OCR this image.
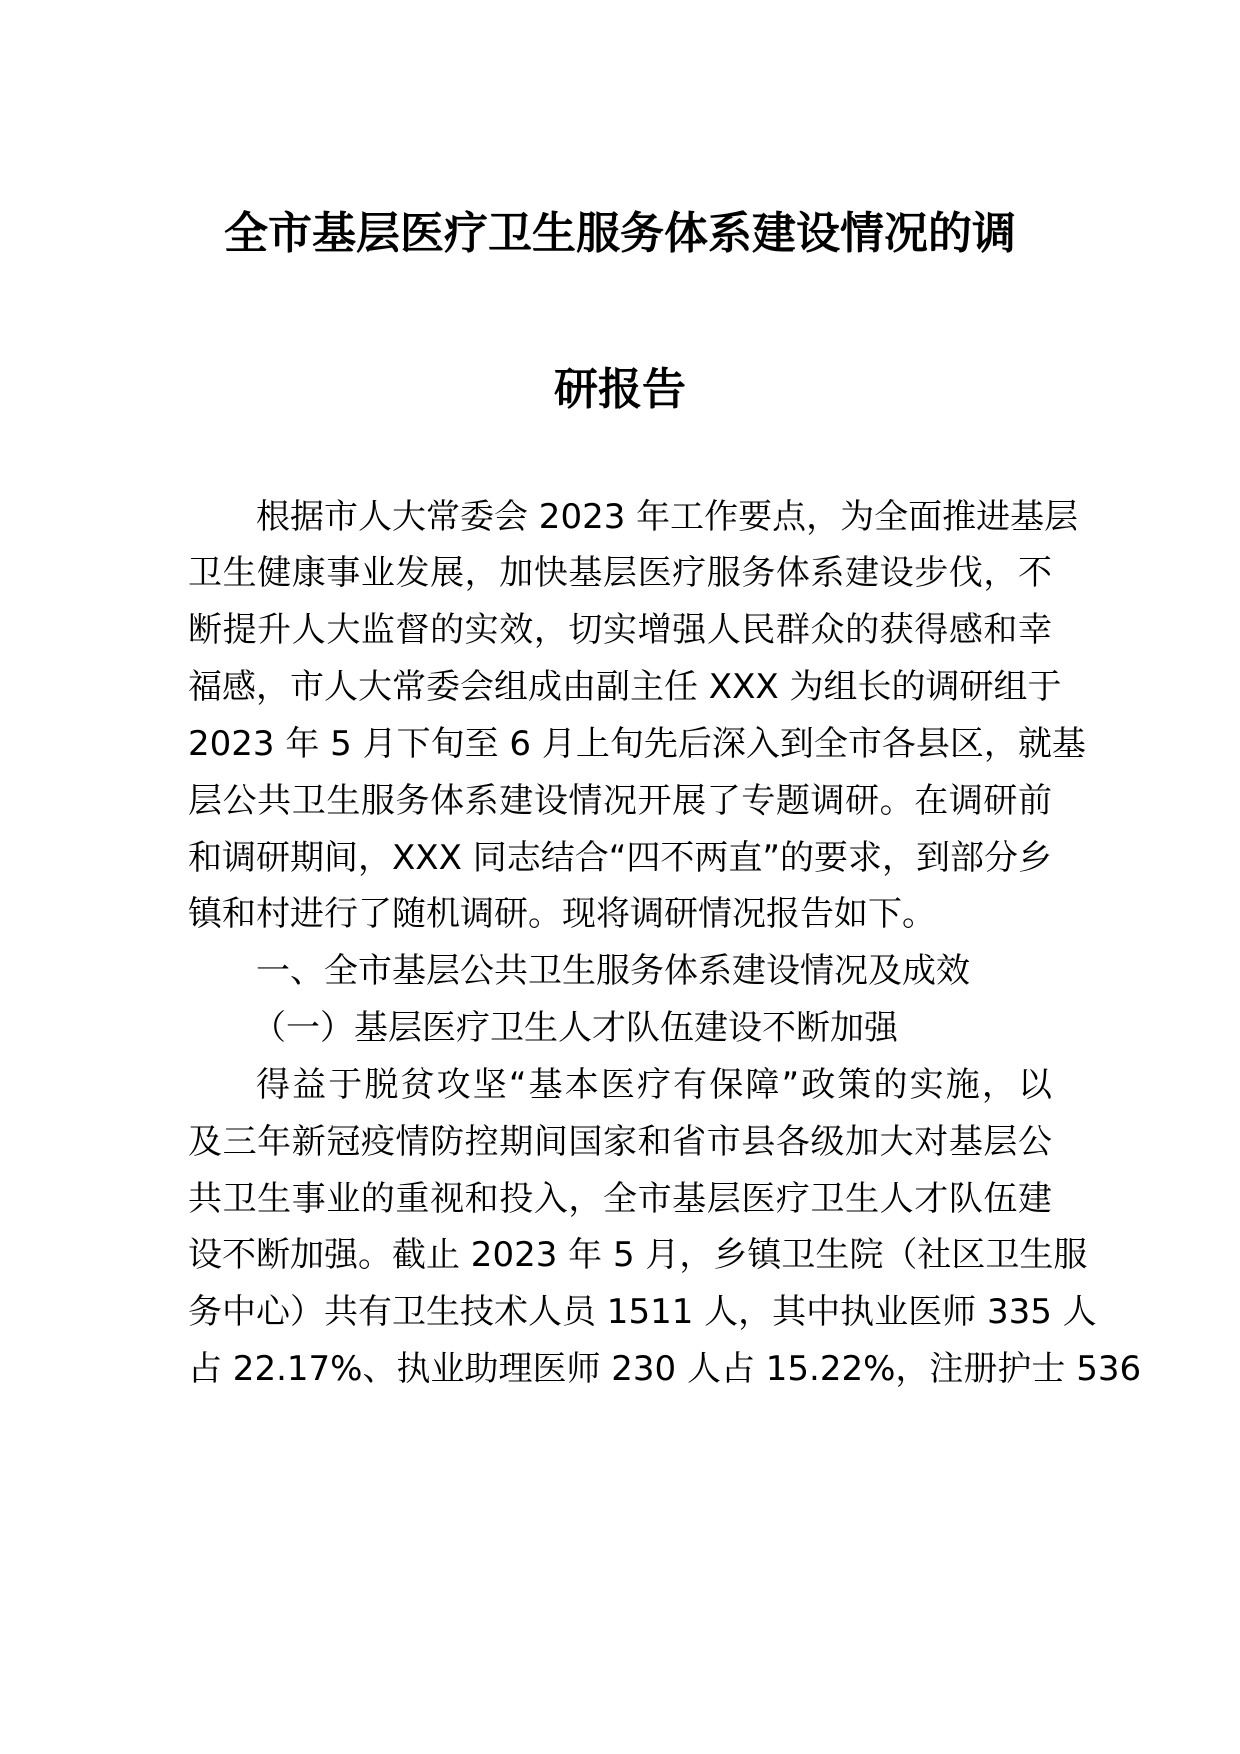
全市基层医疗卫生服务体系建设情况的调
研报告

根据市人大常委会 2023 年工作要点，为全面推进基层

卫生健康事业发展，加快基层医疗服务体系建设步伐，不

断提升人大监督的实效，切实增强人民群众的获得感和幸

福感，市人大常委会组成由副主任 XXX 为组长的调研组于

2023 年 5 月下旬至 6 月上旬先后深入到全市各县区，就基

层公共卫生服务体系建设情况开展了专题调研。在调研前

和调研期间，XXX 同志结合“四不两直”的要求，到部分乡

镇和村进行了随机调研。现将调研情况报告如下。

一、全市基层公共卫生服务体系建设情况及成效

（一）基层医疗卫生人才队伍建设不断加强

得益于脱贫攻坚“基本医疗有保障”政策的实施，以

及三年新冠疫情防控期间国家和省市县各级加大对基层公

共卫生事业的重视和投入，全市基层医疗卫生人才队伍建

设不断加强。截止 2023 年 5 月，乡镇卫生院（社区卫生服

务中心）共有卫生技术人员 1511 人，其中执业医师 335 人

占 22.17%、执业助理医师 230 人占 15.22%，注册护士 536
